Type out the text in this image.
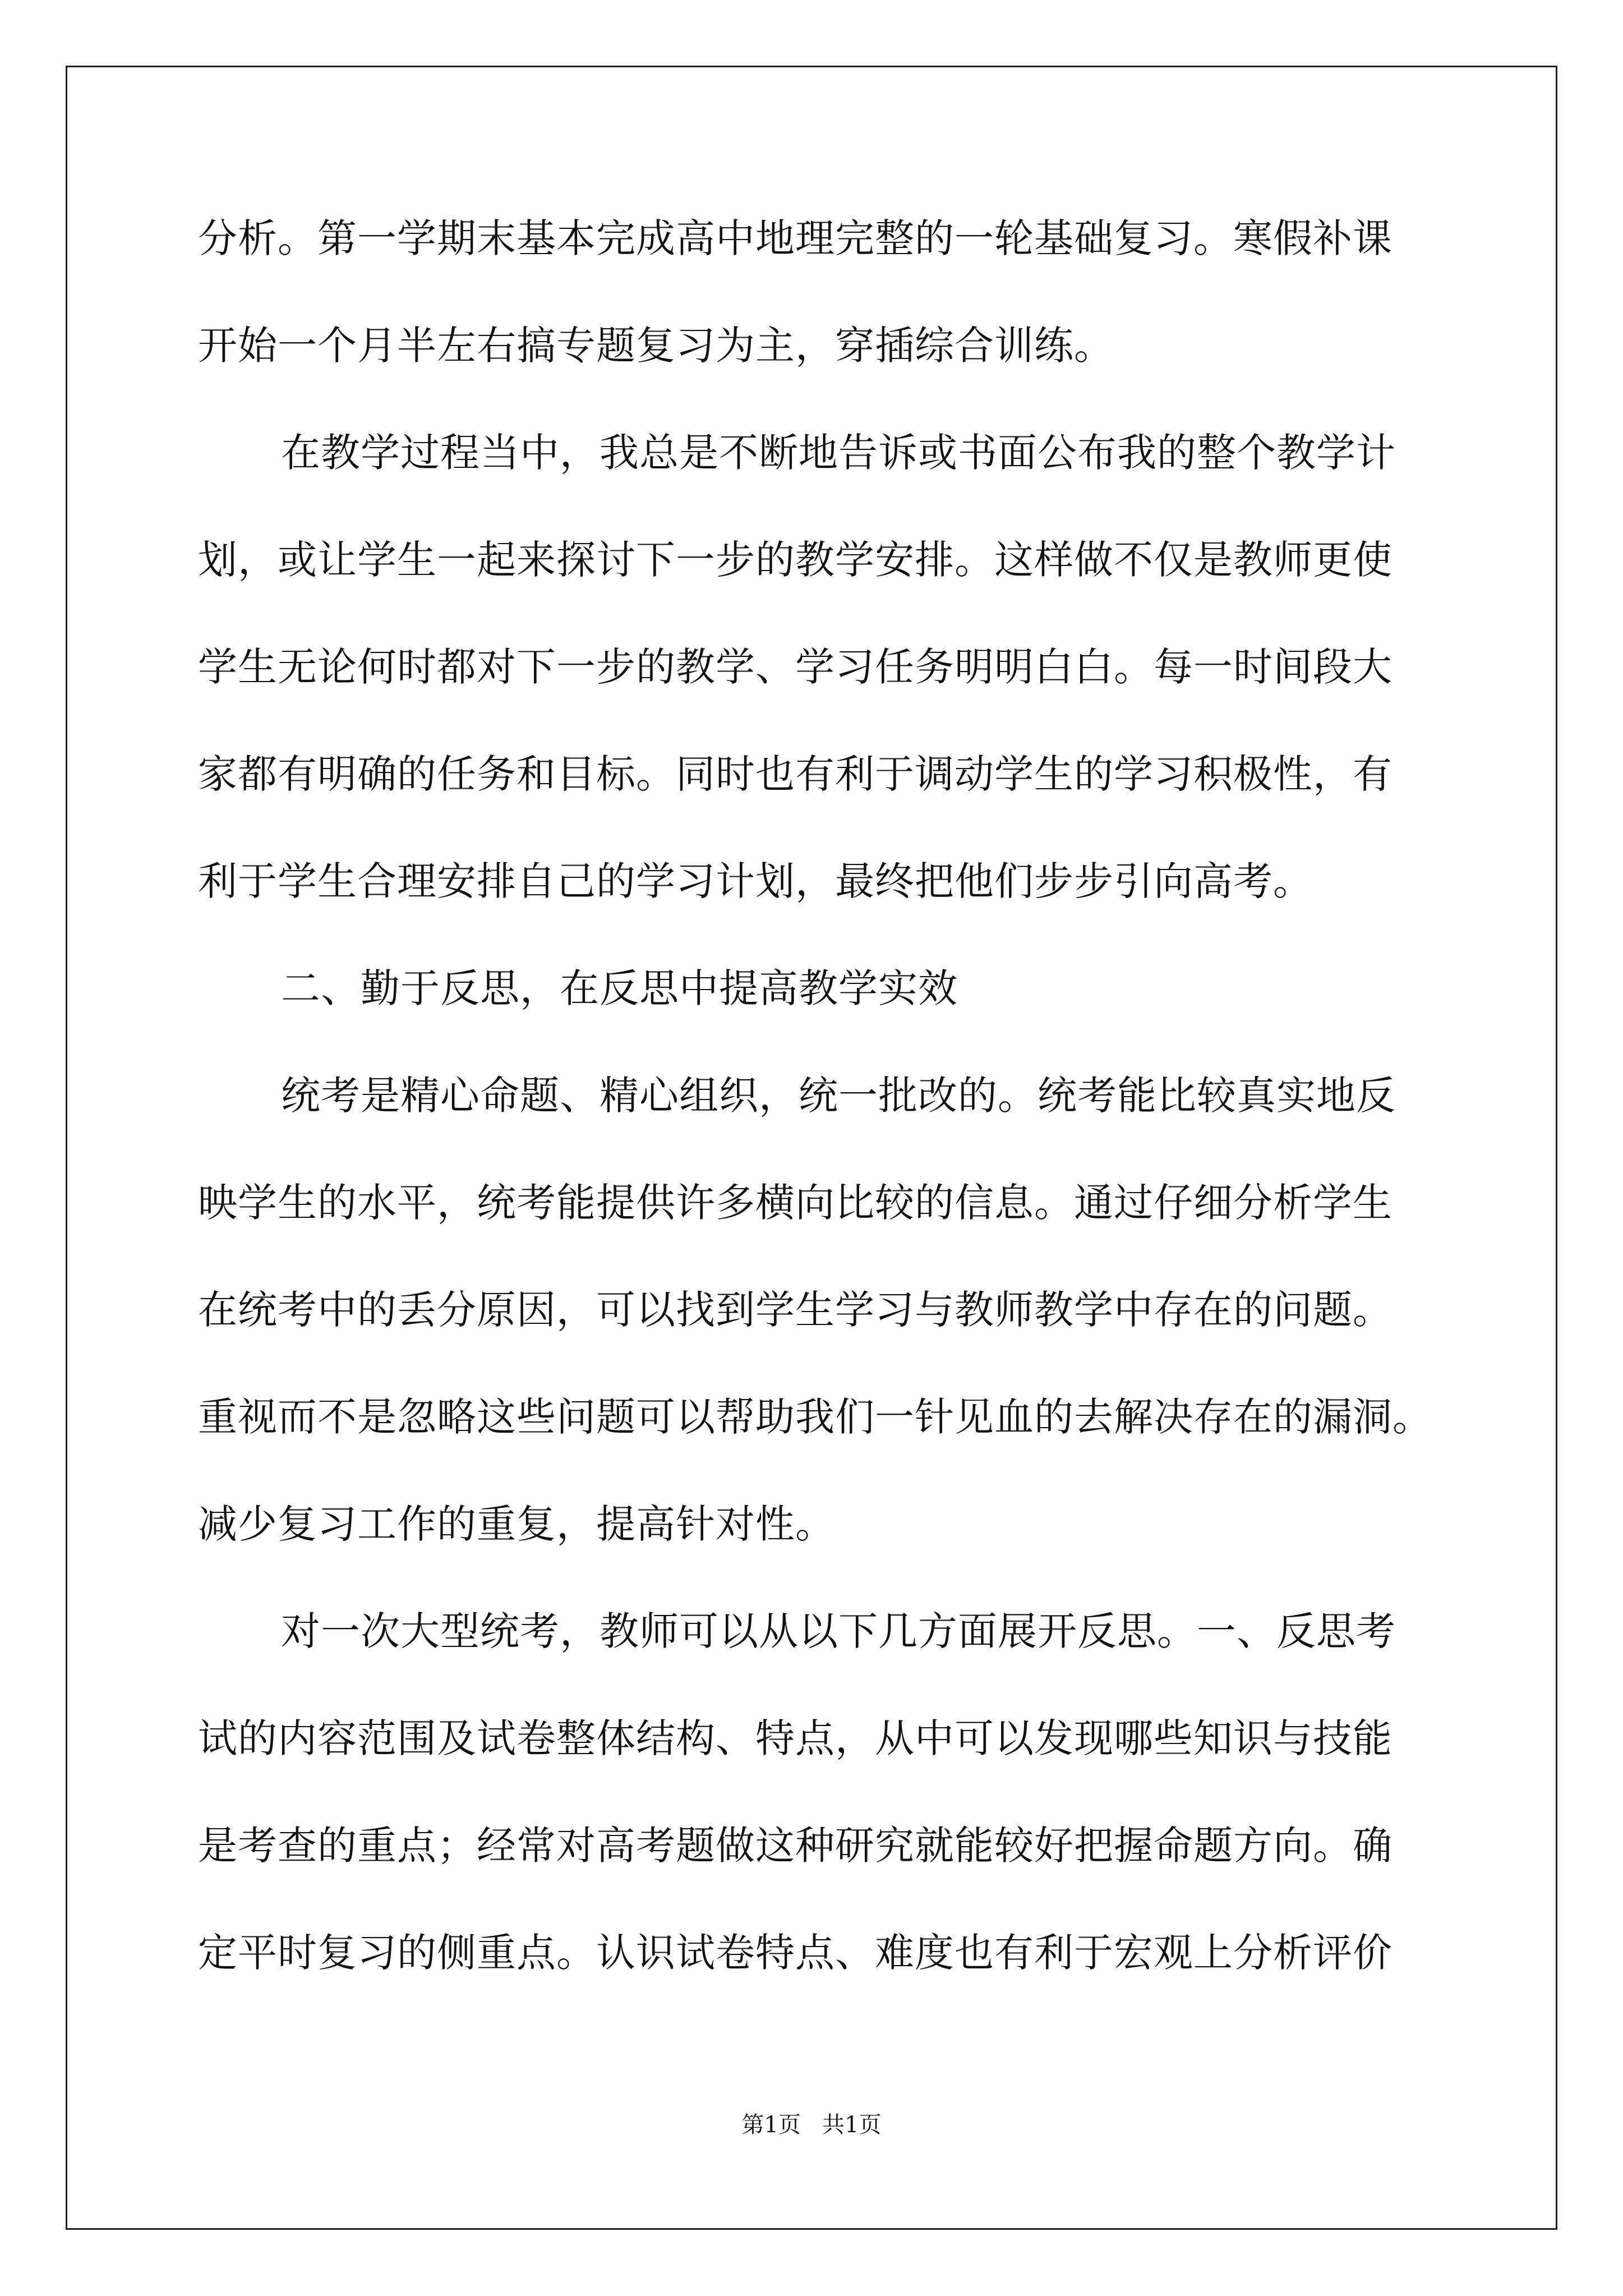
分析。第一学期末基本完成高中地理完整的一轮基础复习。寒假补课
开始一个月半左右搞专题复习为主，穿插综合训练。
在教学过程当中，我总是不断地告诉或书面公布我的整个教学计
划，或让学生一起来探讨下一步的教学安排。这样做不仅是教师更使
学生无论何时都对下一步的教学、学习任务明明白白。每一时间段大
家都有明确的任务和目标。同时也有利于调动学生的学习积极性，有
利于学生合理安排自己的学习计划，最终把他们步步引向高考。
二、勤于反思，在反思中提高教学实效
统考是精心命题、精心组织，统一批改的。统考能比较真实地反
映学生的水平，统考能提供许多横向比较的信息。通过仔细分析学生
在统考中的丢分原因，可以找到学生学习与教师教学中存在的问题。
重视而不是忽略这些问题可以帮助我们一针见血的去解决存在的漏洞。
减少复习工作的重复，提高针对性。
对一次大型统考，教师可以从以下几方面展开反思。一、反思考
试的内容范围及试卷整体结构、特点，从中可以发现哪些知识与技能
是考查的重点；经常对高考题做这种研究就能较好把握命题方向。确
定平时复习的侧重点。认识试卷特点、难度也有利于宏观上分析评价
第1页   共1页
